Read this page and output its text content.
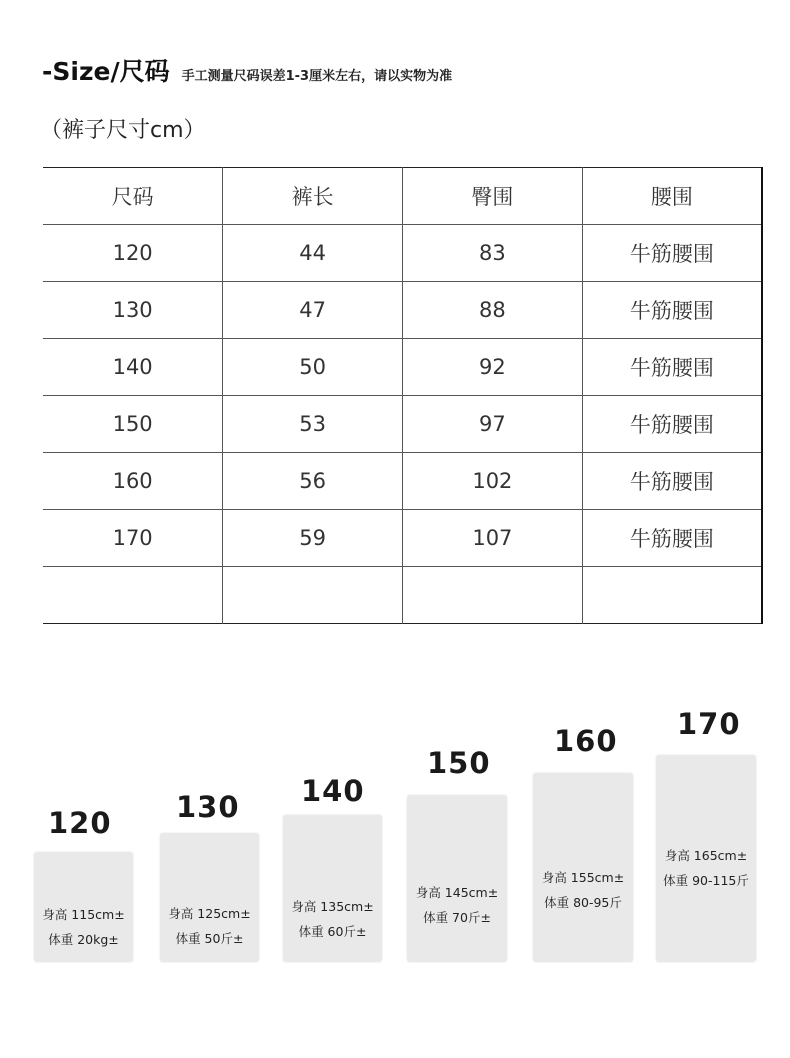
-Size/尺码 手工测量尺码误差1-3厘米左右，请以实物为准
（裤子尺寸cm）
尺码	裤长	臀围	腰围
120	44	83	牛筋腰围
130	47	88	牛筋腰围
140	50	92	牛筋腰围
150	53	97	牛筋腰围
160	56	102	牛筋腰围
170	59	107	牛筋腰围

120
身高 115cm±
体重 20kg±
130
身高 125cm±
体重 50斤±
140
身高 135cm±
体重 60斤±
150
身高 145cm±
体重 70斤±
160
身高 155cm±
体重 80-95斤
170
身高 165cm±
体重 90-115斤
